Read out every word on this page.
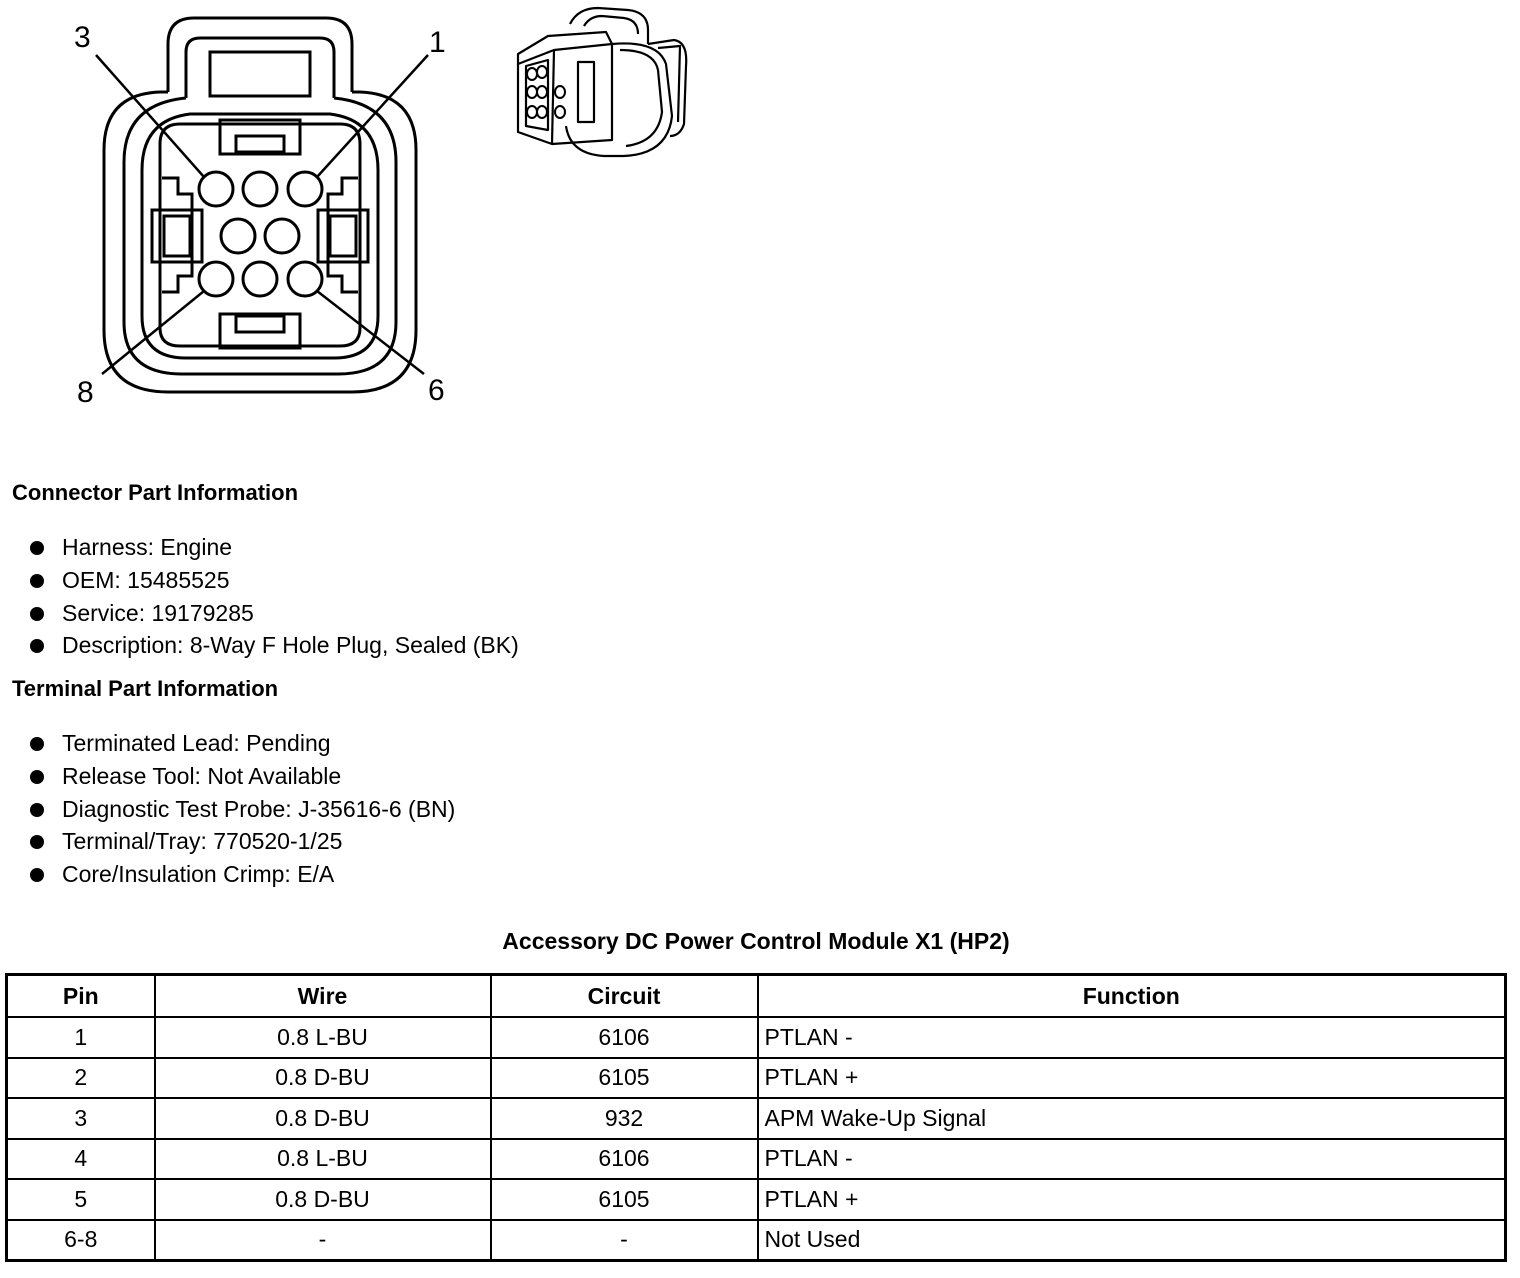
3	1
8	6
Connector Part Information
Harness: Engine
OEM: 15485525
Service: 19179285
Description: 8-Way F Hole Plug, Sealed (BK)
Terminal Part Information
Terminated Lead: Pending
Release Tool: Not Available
Diagnostic Test Probe: J-35616-6 (BN)
Terminal/Tray: 770520-1/25
Core/Insulation Crimp: E/A
Accessory DC Power Control Module X1 (HP2)
Pin	Wire	Circuit	Function
1	0.8 L-BU	6106	PTLAN -
2	0.8 D-BU	6105	PTLAN +
3	0.8 D-BU	932	APM Wake-Up Signal
4	0.8 L-BU	6106	PTLAN -
5	0.8 D-BU	6105	PTLAN +
6-8	-	-	Not Used
